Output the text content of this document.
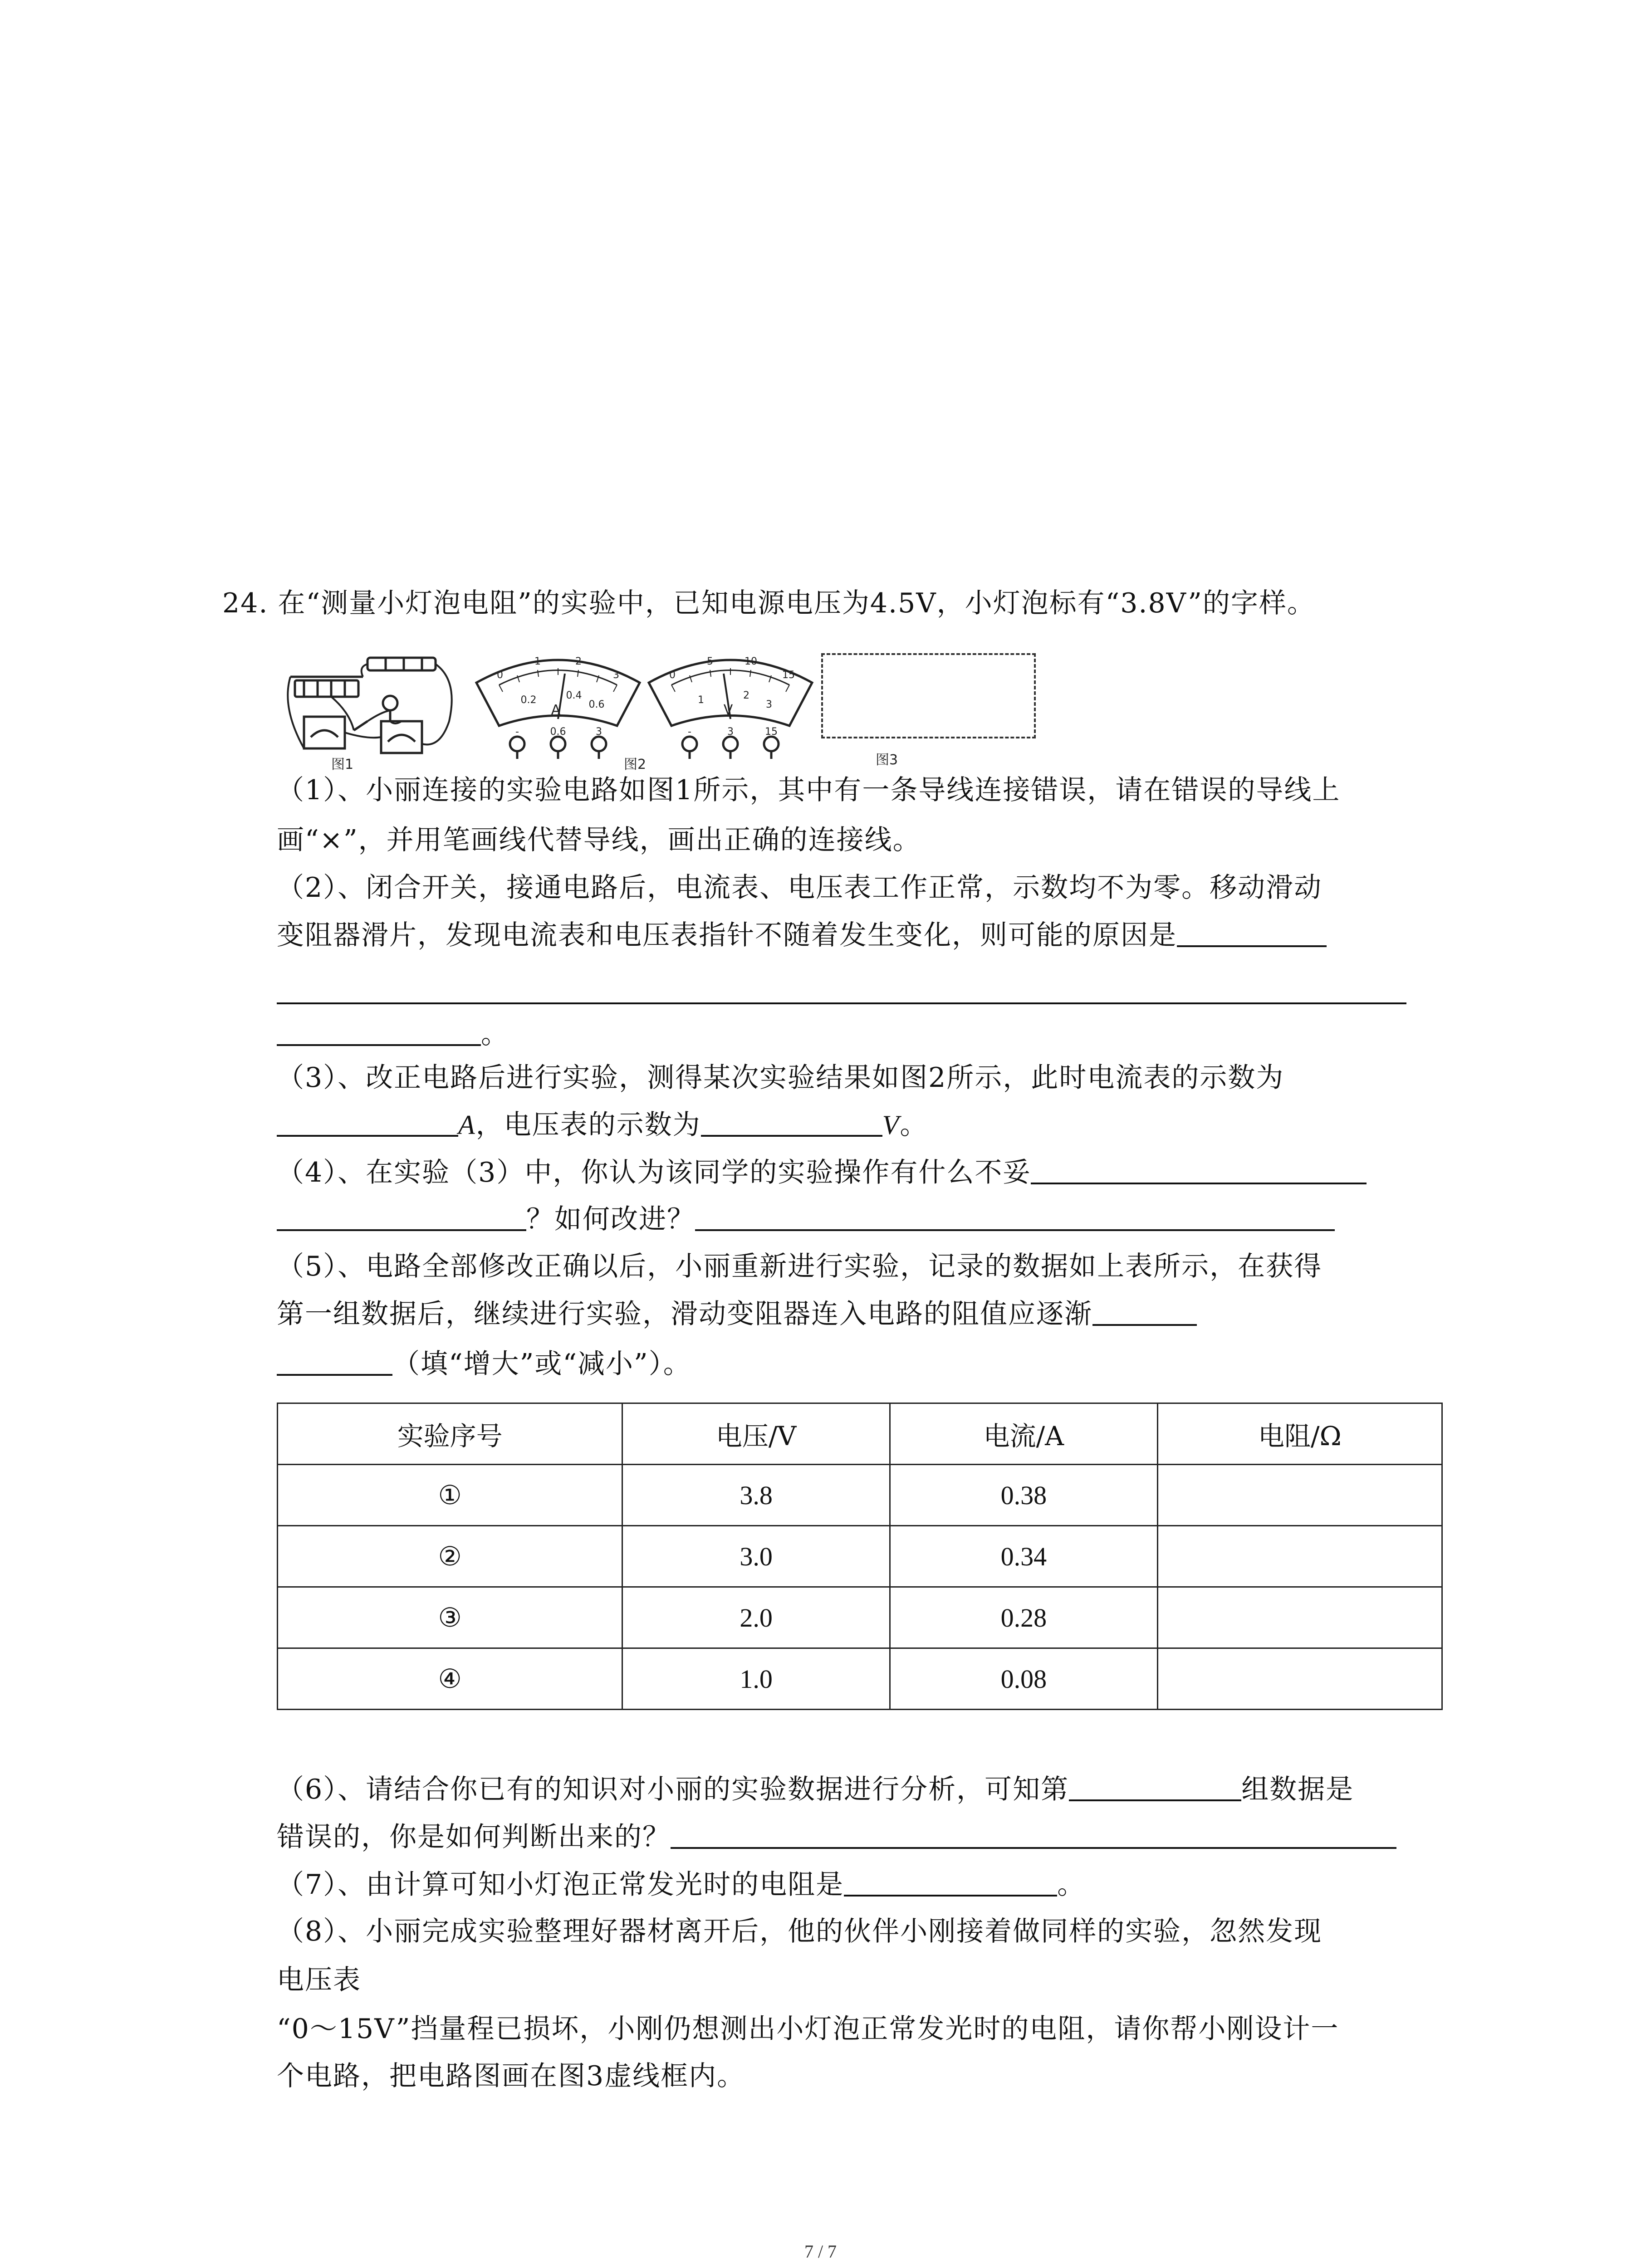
24. 在“测量小灯泡电阻”的实验中，已知电源电压为4.5V，小灯泡标有“3.8V”的字样。
图1
0
1	2
3
0.2	0.4
0.6
A
-	0.6	3
0
5	10
15
1	2
3
V
-	3	15
图2	图3
（1）、小丽连接的实验电路如图1所示，其中有一条导线连接错误，请在错误的导线上
画“×”，并用笔画线代替导线，画出正确的连接线。
（2）、闭合开关，接通电路后，电流表、电压表工作正常，示数均不为零。移动滑动
变阻器滑片，发现电流表和电压表指针不随着发生变化，则可能的原因是
。
（3）、改正电路后进行实验，测得某次实验结果如图2所示，此时电流表的示数为
A，电压表的示数为	V。
（4）、在实验（3）中，你认为该同学的实验操作有什么不妥
？如何改进？
（5）、电路全部修改正确以后，小丽重新进行实验，记录的数据如上表所示，在获得
第一组数据后，继续进行实验，滑动变阻器连入电路的阻值应逐渐
（填“增大”或“减小”）。
实验序号	电压/V	电流/A	电阻/Ω
①	3.8	0.38	
②	3.0	0.34	
③	2.0	0.28	
④	1.0	0.08	
（6）、请结合你已有的知识对小丽的实验数据进行分析，可知第	组数据是
错误的，你是如何判断出来的？
（7）、由计算可知小灯泡正常发光时的电阻是	。
（8）、小丽完成实验整理好器材离开后，他的伙伴小刚接着做同样的实验，忽然发现
电压表
“0～15V”挡量程已损坏，小刚仍想测出小灯泡正常发光时的电阻，请你帮小刚设计一
个电路，把电路图画在图3虚线框内。
7 / 7
